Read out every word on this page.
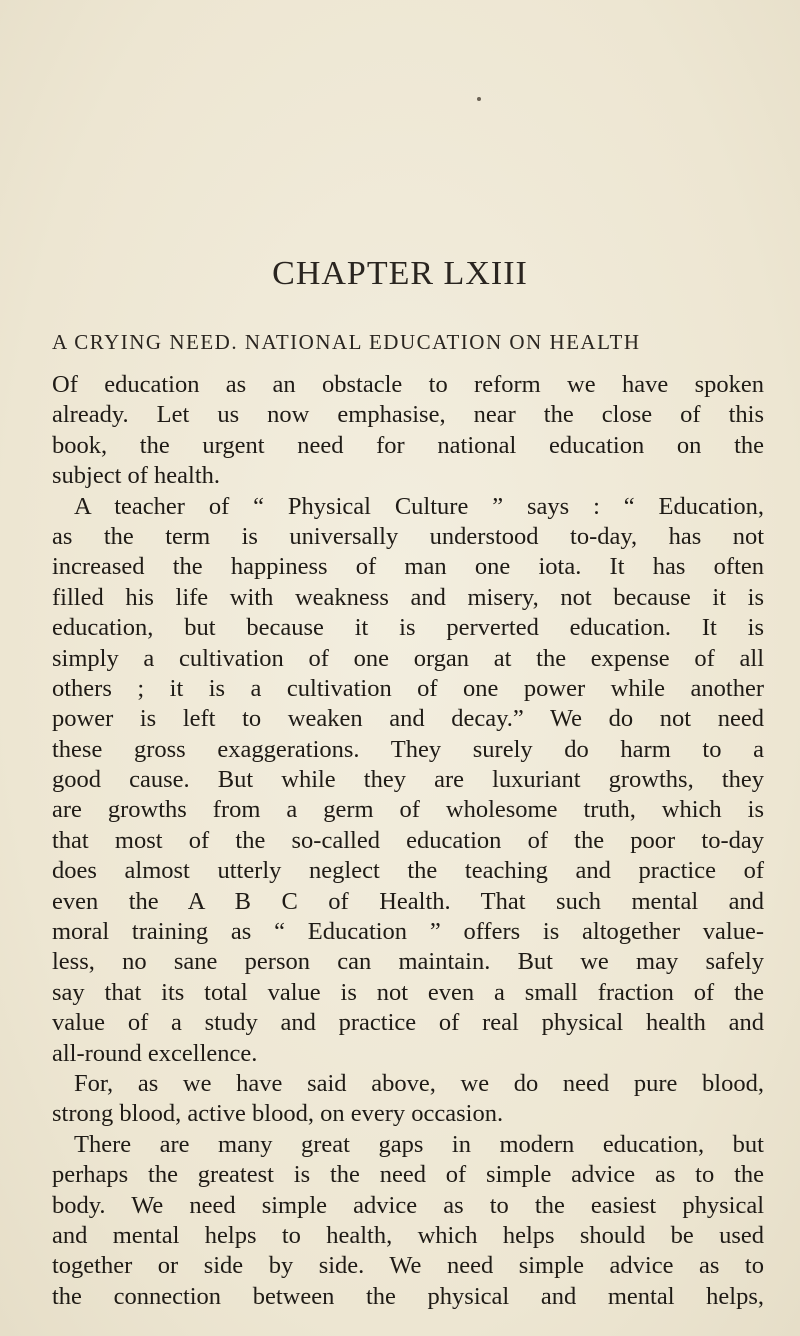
CHAPTER LXIII
A CRYING NEED. NATIONAL EDUCATION ON HEALTH
Of education as an obstacle to reform we have spoken
already. Let us now emphasise, near the close of this
book, the urgent need for national education on the
subject of health.
A teacher of “ Physical Culture ” says : “ Education,
as the term is universally understood to-day, has not
increased the happiness of man one iota. It has often
filled his life with weakness and misery, not because it is
education, but because it is perverted education. It is
simply a cultivation of one organ at the expense of all
others ; it is a cultivation of one power while another
power is left to weaken and decay.” We do not need
these gross exaggerations. They surely do harm to a
good cause. But while they are luxuriant growths, they
are growths from a germ of wholesome truth, which is
that most of the so-called education of the poor to-day
does almost utterly neglect the teaching and practice of
even the A B C of Health. That such mental and
moral training as “ Education ” offers is altogether value-
less, no sane person can maintain. But we may safely
say that its total value is not even a small fraction of the
value of a study and practice of real physical health and
all-round excellence.
For, as we have said above, we do need pure blood,
strong blood, active blood, on every occasion.
There are many great gaps in modern education, but
perhaps the greatest is the need of simple advice as to the
body. We need simple advice as to the easiest physical
and mental helps to health, which helps should be used
together or side by side. We need simple advice as to
the connection between the physical and mental helps,
